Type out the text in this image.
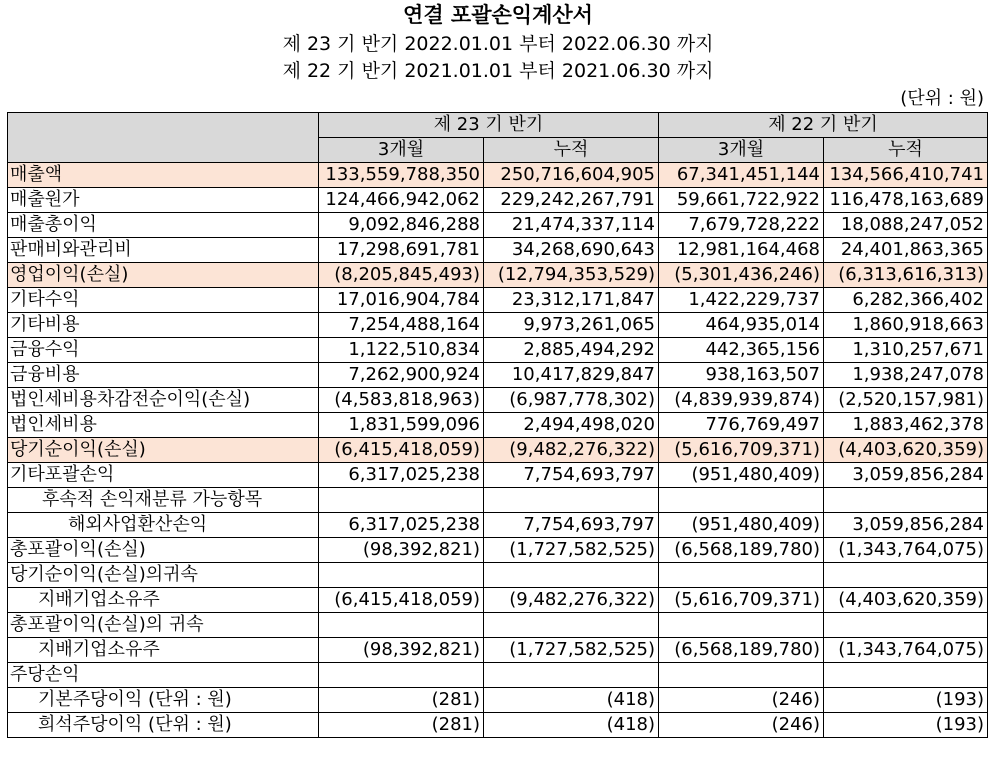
연결 포괄손익계산서
제 23 기 반기 2022.01.01 부터 2022.06.30 까지
제 22 기 반기 2021.01.01 부터 2021.06.30 까지
(단위 : 원)
	제 23 기 반기		제 22 기 반기	
	3개월	누적	3개월	누적
매출액	133,559,788,350	250,716,604,905	67,341,451,144	134,566,410,741
매출원가	124,466,942,062	229,242,267,791	59,661,722,922	116,478,163,689
매출총이익	9,092,846,288	21,474,337,114	7,679,728,222	18,088,247,052
판매비와관리비	17,298,691,781	34,268,690,643	12,981,164,468	24,401,863,365
영업이익(손실)	(8,205,845,493)	(12,794,353,529)	(5,301,436,246)	(6,313,616,313)
기타수익	17,016,904,784	23,312,171,847	1,422,229,737	6,282,366,402
기타비용	7,254,488,164	9,973,261,065	464,935,014	1,860,918,663
금융수익	1,122,510,834	2,885,494,292	442,365,156	1,310,257,671
금융비용	7,262,900,924	10,417,829,847	938,163,507	1,938,247,078
법인세비용차감전순이익(손실)	(4,583,818,963)	(6,987,778,302)	(4,839,939,874)	(2,520,157,981)
법인세비용	1,831,599,096	2,494,498,020	776,769,497	1,883,462,378
당기순이익(손실)	(6,415,418,059)	(9,482,276,322)	(5,616,709,371)	(4,403,620,359)
기타포괄손익	6,317,025,238	7,754,693,797	(951,480,409)	3,059,856,284
후속적 손익재분류 가능항목				
해외사업환산손익	6,317,025,238	7,754,693,797	(951,480,409)	3,059,856,284
총포괄이익(손실)	(98,392,821)	(1,727,582,525)	(6,568,189,780)	(1,343,764,075)
당기순이익(손실)의귀속				
지배기업소유주	(6,415,418,059)	(9,482,276,322)	(5,616,709,371)	(4,403,620,359)
총포괄이익(손실)의 귀속				
지배기업소유주	(98,392,821)	(1,727,582,525)	(6,568,189,780)	(1,343,764,075)
주당손익				
기본주당이익 (단위 : 원)	(281)	(418)	(246)	(193)
희석주당이익 (단위 : 원)	(281)	(418)	(246)	(193)
